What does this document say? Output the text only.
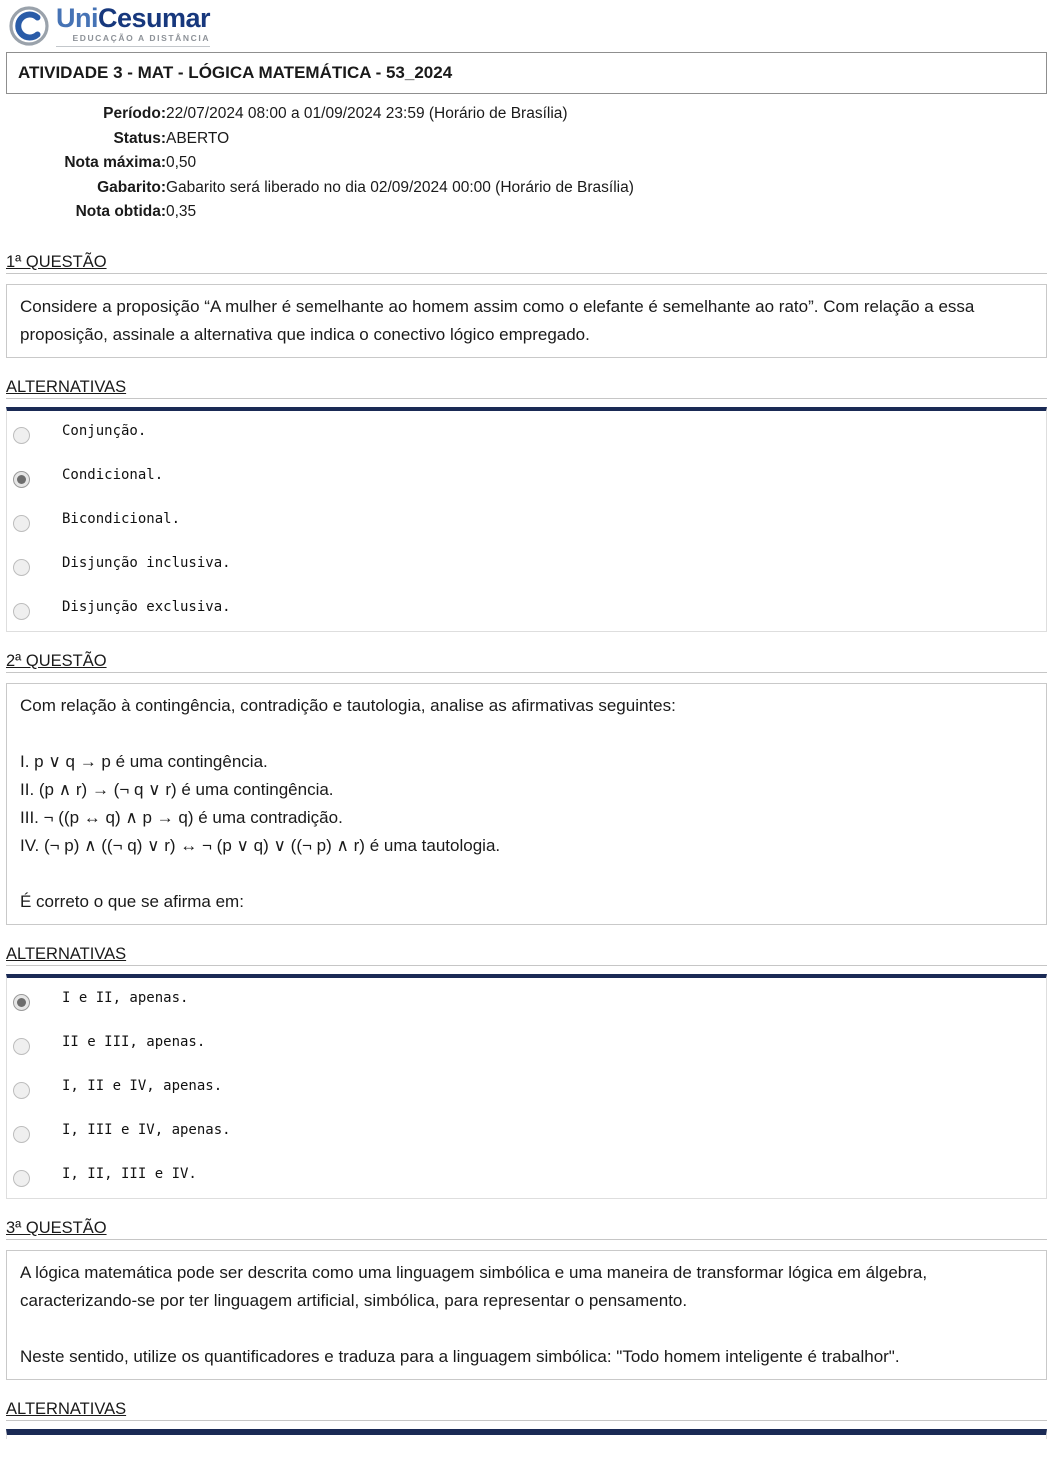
UniCesumar
EDUCAÇÃO A DISTÂNCIA
ATIVIDADE 3 - MAT - LÓGICA MATEMÁTICA - 53_2024
Período: 22/07/2024 08:00 a 01/09/2024 23:59 (Horário de Brasília)
Status: ABERTO
Nota máxima: 0,50
Gabarito: Gabarito será liberado no dia 02/09/2024 00:00 (Horário de Brasília)
Nota obtida: 0,35
1ª QUESTÃO
Considere a proposição “A mulher é semelhante ao homem assim como o elefante é semelhante ao rato”. Com relação a essa proposição, assinale a alternativa que indica o conectivo lógico empregado.
ALTERNATIVAS
Conjunção.
Condicional.
Bicondicional.
Disjunção inclusiva.
Disjunção exclusiva.
2ª QUESTÃO
Com relação à contingência, contradição e tautologia, analise as afirmativas seguintes:
I. p ∨ q → p é uma contingência.
II. (p ∧ r) → (¬ q ∨ r) é uma contingência.
III. ¬ ((p ↔ q) ∧ p → q) é uma contradição.
IV. (¬ p) ∧ ((¬ q) ∨ r) ↔ ¬ (p ∨ q) ∨ ((¬ p) ∧ r) é uma tautologia.
É correto o que se afirma em:
ALTERNATIVAS
I e II, apenas.
II e III, apenas.
I, II e IV, apenas.
I, III e IV, apenas.
I, II, III e IV.
3ª QUESTÃO
A lógica matemática pode ser descrita como uma linguagem simbólica e uma maneira de transformar lógica em álgebra, caracterizando-se por ter linguagem artificial, simbólica, para representar o pensamento.
Neste sentido, utilize os quantificadores e traduza para a linguagem simbólica: "Todo homem inteligente é trabalhor".
ALTERNATIVAS
